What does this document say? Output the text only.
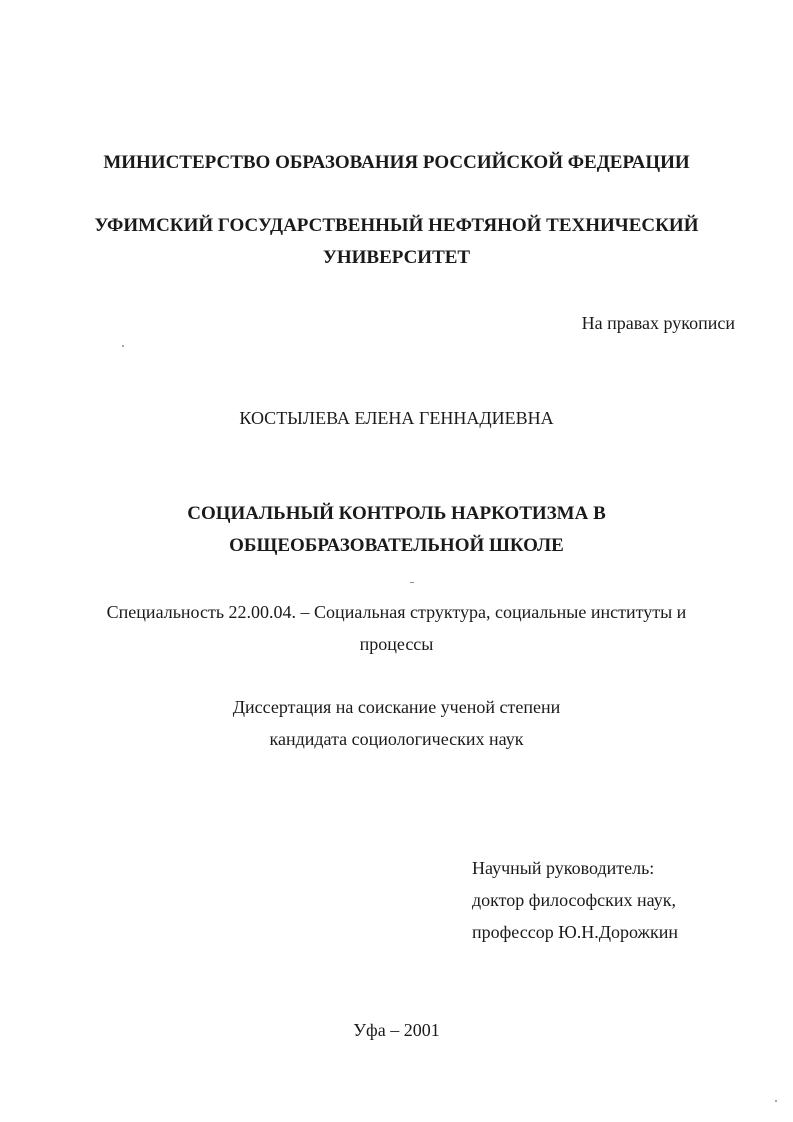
МИНИСТЕРСТВО ОБРАЗОВАНИЯ РОССИЙСКОЙ ФЕДЕРАЦИИ
УФИМСКИЙ ГОСУДАРСТВЕННЫЙ НЕФТЯНОЙ ТЕХНИЧЕСКИЙ
УНИВЕРСИТЕТ
На правах рукописи
КОСТЫЛЕВА ЕЛЕНА ГЕННАДИЕВНА
СОЦИАЛЬНЫЙ КОНТРОЛЬ НАРКОТИЗМА В
ОБЩЕОБРАЗОВАТЕЛЬНОЙ ШКОЛЕ
Специальность 22.00.04. – Социальная структура, социальные институты и
процессы
Диссертация на соискание ученой степени
кандидата социологических наук
Научный руководитель:
доктор философских наук,
профессор Ю.Н.Дорожкин
Уфа – 2001
